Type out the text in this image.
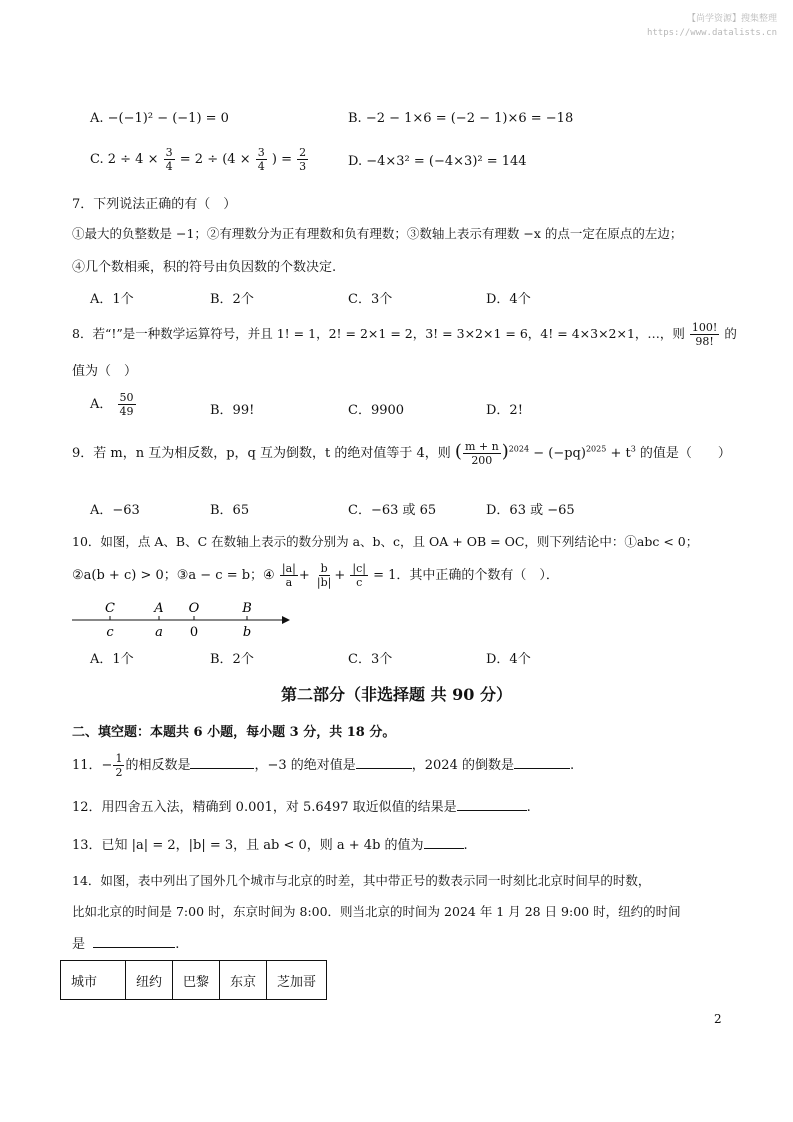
【尚学资源】搜集整理
https://www.datalists.cn
A. −(−1)² − (−1) = 0	B. −2 − 1×6 = (−2 − 1)×6 = −18
C. $2 \div 4 \times \frac{3}{4} = 2 \div (4 \times \frac{3}{4}$ ) = $\frac{2}{3}$	D. −4×3² = (−4×3)² = 144
7．下列说法正确的有（　）
①最大的负整数是 −1；②有理数分为正有理数和负有理数；③数轴上表示有理数 −x 的点一定在原点的左边；
④几个数相乘，积的符号由负因数的个数决定.
A．1个	B．2个	C．3个	D．4个
8．若“!”是一种数学运算符号，并且 1! = 1，2! = 2×1 = 2，3! = 3×2×1 = 6，4! = 4×3×2×1，…，则 $\frac{100!}{98!}$ 的
值为（　）
A． $\frac{50}{49}$	B．99!	C．9900	D．2!
9．若 m，n 互为相反数，p，q 互为倒数，t 的绝对值等于 4，则 ( $\frac{m + n}{200} )^{2024} - (-pq)^{2025} + t^3$ 的值是（　　）
A．−63	B．65	C．−63 或 65	D．63 或 −65
10．如图，点 A、B、C 在数轴上表示的数分别为 a、b、c，且 OA + OB = OC，则下列结论中：①abc < 0；
②a(b + c) > 0；③a − c = b；④ $\frac{|a|}{a} + \frac{b}{|b|} + \frac{|c|}{c} = 1$．其中正确的个数有（　）．
C	A O	B
c	a 0	b
A．1个	B．2个	C．3个	D．4个
第二部分（非选择题 共 90 分）
二、填空题：本题共 6 小题，每小题 3 分，共 18 分。
11．− $\frac{1}{2}$ 的相反数是	，−3 的绝对值是	，2024 的倒数是	.
12．用四舍五入法，精确到 0.001，对 5.6497 取近似值的结果是	.
13．已知 |a| = 2，|b| = 3，且 ab < 0，则 a + 4b 的值为	.
14．如图，表中列出了国外几个城市与北京的时差，其中带正号的数表示同一时刻比北京时间早的时数，
比如北京的时间是 7:00 时，东京时间为 8:00．则当北京的时间为 2024 年 1 月 28 日 9:00 时，纽约的时间
是	.
城市	纽约	巴黎	东京	芝加哥
2
